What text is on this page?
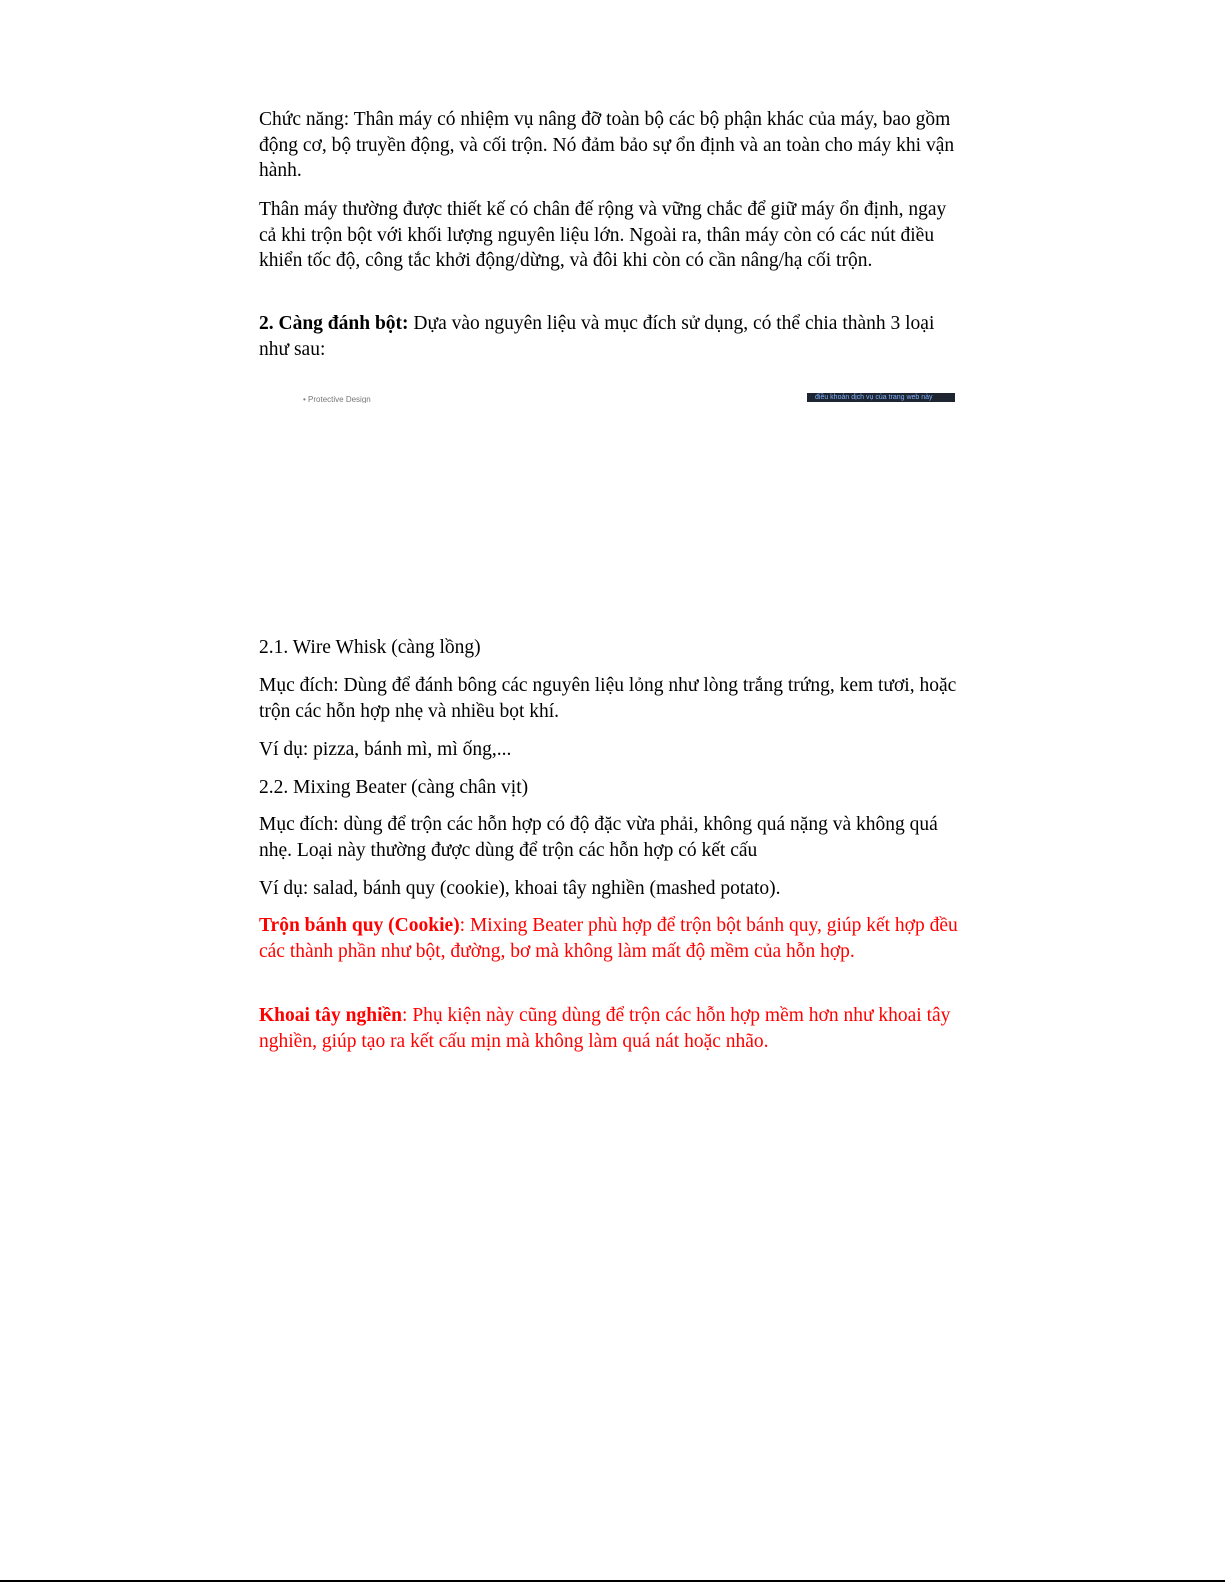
Chức năng: Thân máy có nhiệm vụ nâng đỡ toàn bộ các bộ phận khác của máy, bao gồm động cơ, bộ truyền động, và cối trộn. Nó đảm bảo sự ổn định và an toàn cho máy khi vận hành.
Thân máy thường được thiết kế có chân đế rộng và vững chắc để giữ máy ổn định, ngay cả khi trộn bột với khối lượng nguyên liệu lớn. Ngoài ra, thân máy còn có các nút điều khiển tốc độ, công tắc khởi động/dừng, và đôi khi còn có cần nâng/hạ cối trộn.
2. Càng đánh bột: Dựa vào nguyên liệu và mục đích sử dụng, có thể chia thành 3 loại như sau:
• Protective Design	điều khoản dịch vụ của trang web này
2.1. Wire Whisk (càng lồng)
Mục đích: Dùng để đánh bông các nguyên liệu lỏng như lòng trắng trứng, kem tươi, hoặc trộn các hỗn hợp nhẹ và nhiều bọt khí.
Ví dụ: pizza, bánh mì, mì ống,...
2.2. Mixing Beater (càng chân vịt)
Mục đích: dùng để trộn các hỗn hợp có độ đặc vừa phải, không quá nặng và không quá nhẹ. Loại này thường được dùng để trộn các hỗn hợp có kết cấu
Ví dụ: salad, bánh quy (cookie), khoai tây nghiền (mashed potato).
Trộn bánh quy (Cookie): Mixing Beater phù hợp để trộn bột bánh quy, giúp kết hợp đều các thành phần như bột, đường, bơ mà không làm mất độ mềm của hỗn hợp.
Khoai tây nghiền: Phụ kiện này cũng dùng để trộn các hỗn hợp mềm hơn như khoai tây nghiền, giúp tạo ra kết cấu mịn mà không làm quá nát hoặc nhão.
